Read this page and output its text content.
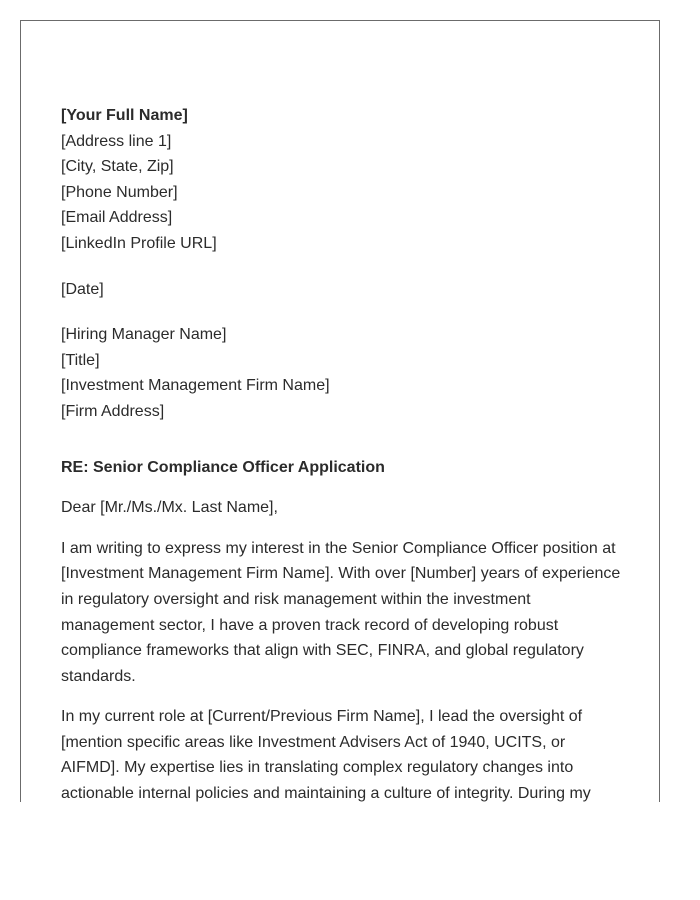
[Your Full Name]
[Address line 1]
[City, State, Zip]
[Phone Number]
[Email Address]
[LinkedIn Profile URL]
[Date]
[Hiring Manager Name]
[Title]
[Investment Management Firm Name]
[Firm Address]
RE: Senior Compliance Officer Application
Dear [Mr./Ms./Mx. Last Name],
I am writing to express my interest in the Senior Compliance Officer position at [Investment Management Firm Name]. With over [Number] years of experience in regulatory oversight and risk management within the investment management sector, I have a proven track record of developing robust compliance frameworks that align with SEC, FINRA, and global regulatory standards.
In my current role at [Current/Previous Firm Name], I lead the oversight of [mention specific areas like Investment Advisers Act of 1940, UCITS, or AIFMD]. My expertise lies in translating complex regulatory changes into actionable internal policies and maintaining a culture of integrity. During my
